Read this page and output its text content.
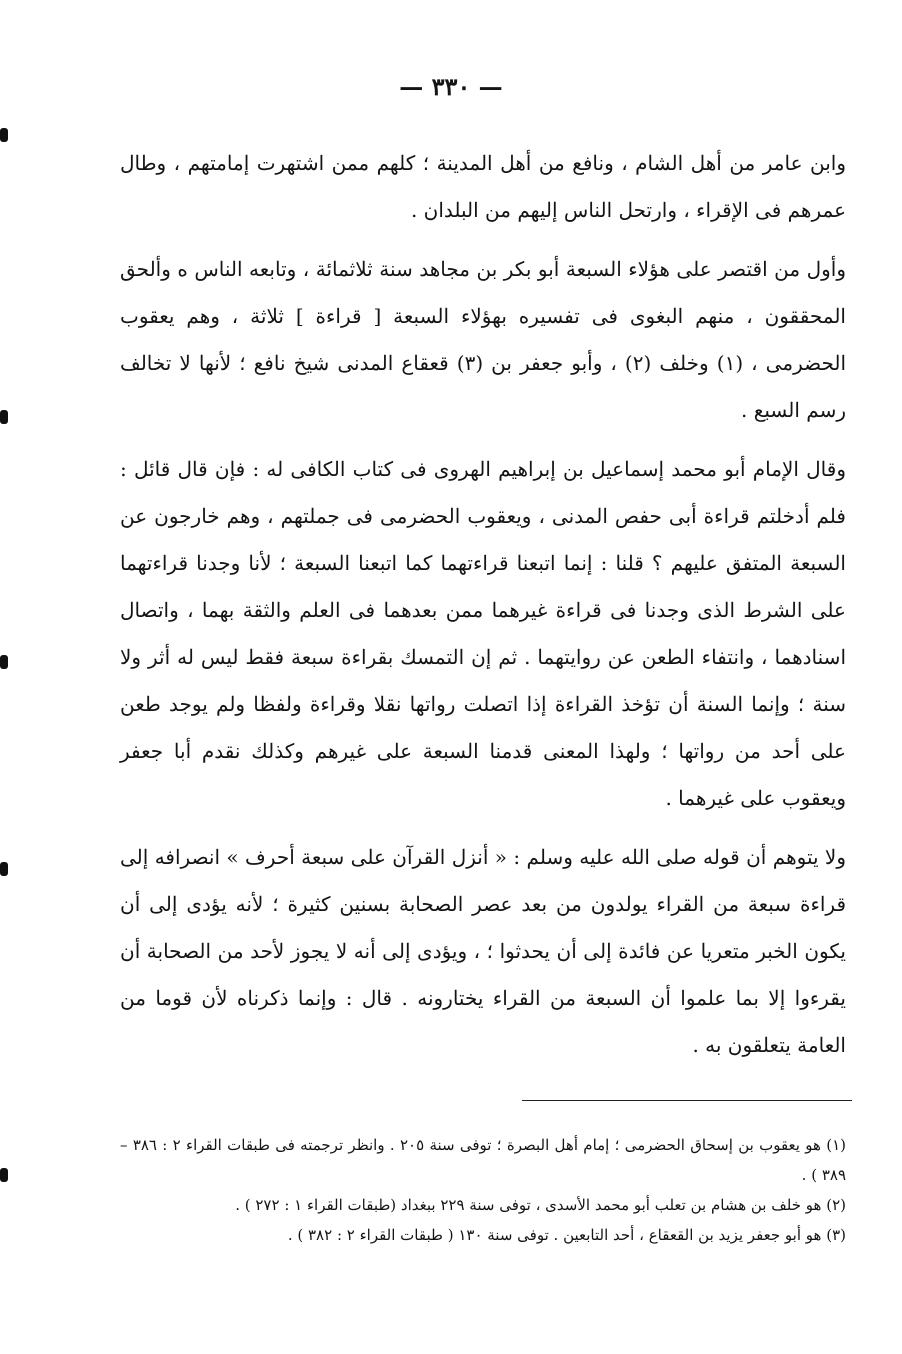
— ٣٣٠ —

وابن عامر من أهل الشام ، ونافع من أهل المدينة ؛ كلهم ممن اشتهرت إمامتهم ، وطال عمرهم فى الإقراء ، وارتحل الناس إليهم من البلدان .

وأول من اقتصر على هؤلاء السبعة أبو بكر بن مجاهد سنة ثلاثمائة ، وتابعه الناس ه وألحق المحققون ، منهم البغوى فى تفسيره بهؤلاء السبعة [ قراءة ] ثلاثة ، وهم يعقوب الحضرمى ، (١) وخلف (٢) ، وأبو جعفر بن (٣) قعقاع المدنى شيخ نافع ؛ لأنها لا تخالف رسم السبع .

وقال الإمام أبو محمد إسماعيل بن إبراهيم الهروى فى كتاب الكافى له : فإن قال قائل : فلم أدخلتم قراءة أبى حفص المدنى ، ويعقوب الحضرمى فى جملتهم ، وهم خارجون عن السبعة المتفق عليهم ؟ قلنا : إنما اتبعنا قراءتهما كما اتبعنا السبعة ؛ لأنا وجدنا قراءتهما على الشرط الذى وجدنا فى قراءة غيرهما ممن بعدهما فى العلم والثقة بهما ، واتصال اسنادهما ، وانتفاء الطعن عن روايتهما . ثم إن التمسك بقراءة سبعة فقط ليس له أثر ولا سنة ؛ وإنما السنة أن تؤخذ القراءة إذا اتصلت رواتها نقلا وقراءة ولفظا ولم يوجد طعن على أحد من رواتها ؛ ولهذا المعنى قدمنا السبعة على غيرهم وكذلك نقدم أبا جعفر ويعقوب على غيرهما .

ولا يتوهم أن قوله صلى الله عليه وسلم : « أنزل القرآن على سبعة أحرف » انصرافه إلى قراءة سبعة من القراء يولدون من بعد عصر الصحابة بسنين كثيرة ؛ لأنه يؤدى إلى أن يكون الخبر متعريا عن فائدة إلى أن يحدثوا ؛ ، ويؤدى إلى أنه لا يجوز لأحد من الصحابة أن يقرءوا إلا بما علموا أن السبعة من القراء يختارونه . قال : وإنما ذكرناه لأن قوما من العامة يتعلقون به .

(١) هو يعقوب بن إسحاق الحضرمى ؛ إمام أهل البصرة ؛ توفى سنة ٢٠٥ . وانظر ترجمته فى طبقات القراء ٢ : ٣٨٦ – ٣٨٩ ) .

(٢) هو خلف بن هشام بن تعلب أبو محمد الأسدى ، توفى سنة ٢٢٩ ببغداد (طبقات القراء ١ : ٢٧٢ ) .

(٣) هو أبو جعفر يزيد بن القعقاع ، أحد التابعين . توفى سنة ١٣٠ ( طبقات القراء ٢ : ٣٨٢ ) .
